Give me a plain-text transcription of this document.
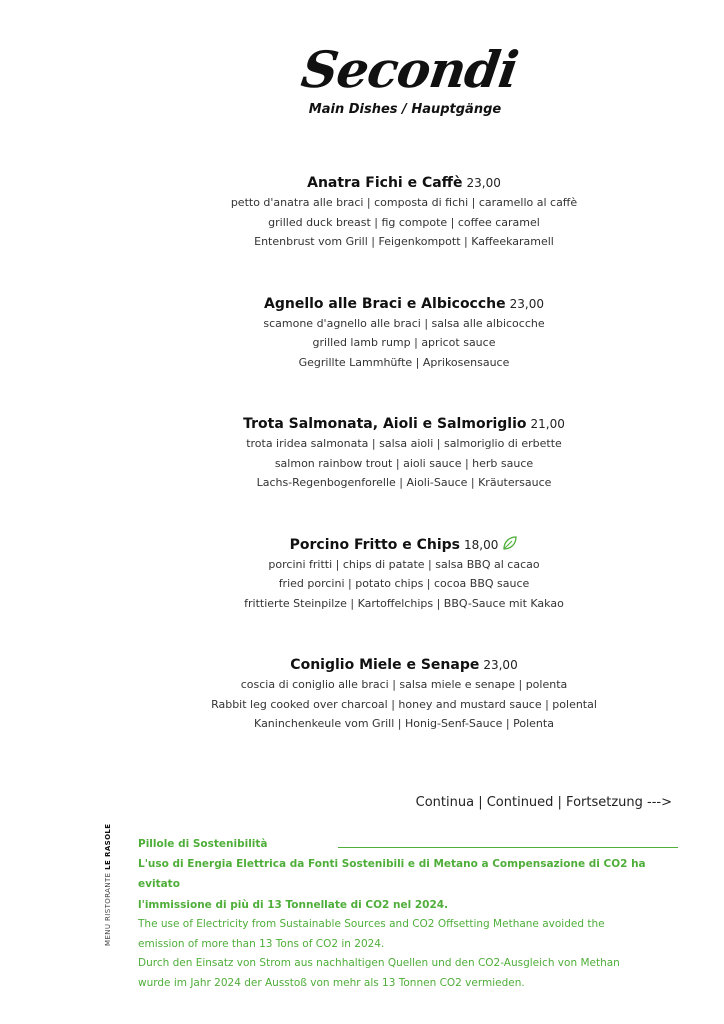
Secondi
Main Dishes / Hauptgänge
Anatra Fichi e Caffè 23,00
petto d'anatra alle braci | composta di fichi | caramello al caffè
grilled duck breast | fig compote | coffee caramel
Entenbrust vom Grill | Feigenkompott | Kaffeekaramell
Agnello alle Braci e Albicocche 23,00
scamone d'agnello alle braci | salsa alle albicocche
grilled lamb rump | apricot sauce
Gegrillte Lammhüfte | Aprikosensauce
Trota Salmonata, Aioli e Salmoriglio 21,00
trota iridea salmonata | salsa aioli | salmoriglio di erbette
salmon rainbow trout | aioli sauce | herb sauce
Lachs-Regenbogenforelle | Aioli-Sauce | Kräutersauce
Porcino Fritto e Chips 18,00
porcini fritti | chips di patate | salsa BBQ al cacao
fried porcini | potato chips | cocoa BBQ sauce
frittierte Steinpilze | Kartoffelchips | BBQ-Sauce mit Kakao
Coniglio Miele e Senape 23,00
coscia di coniglio alle braci | salsa miele e senape | polenta
Rabbit leg cooked over charcoal | honey and mustard sauce | polental
Kaninchenkeule vom Grill | Honig-Senf-Sauce | Polenta
Continua | Continued | Fortsetzung --->
MENU RISTORANTE LE RASOLE Pillole di Sostenibilità
L'uso di Energia Elettrica da Fonti Sostenibili e di Metano a Compensazione di CO2 ha evitato
l'immissione di più di 13 Tonnellate di CO2 nel 2024.
The use of Electricity from Sustainable Sources and CO2 Offsetting Methane avoided the
emission of more than 13 Tons of CO2 in 2024.
Durch den Einsatz von Strom aus nachhaltigen Quellen und den CO2-Ausgleich von Methan
wurde im Jahr 2024 der Ausstoß von mehr als 13 Tonnen CO2 vermieden.
